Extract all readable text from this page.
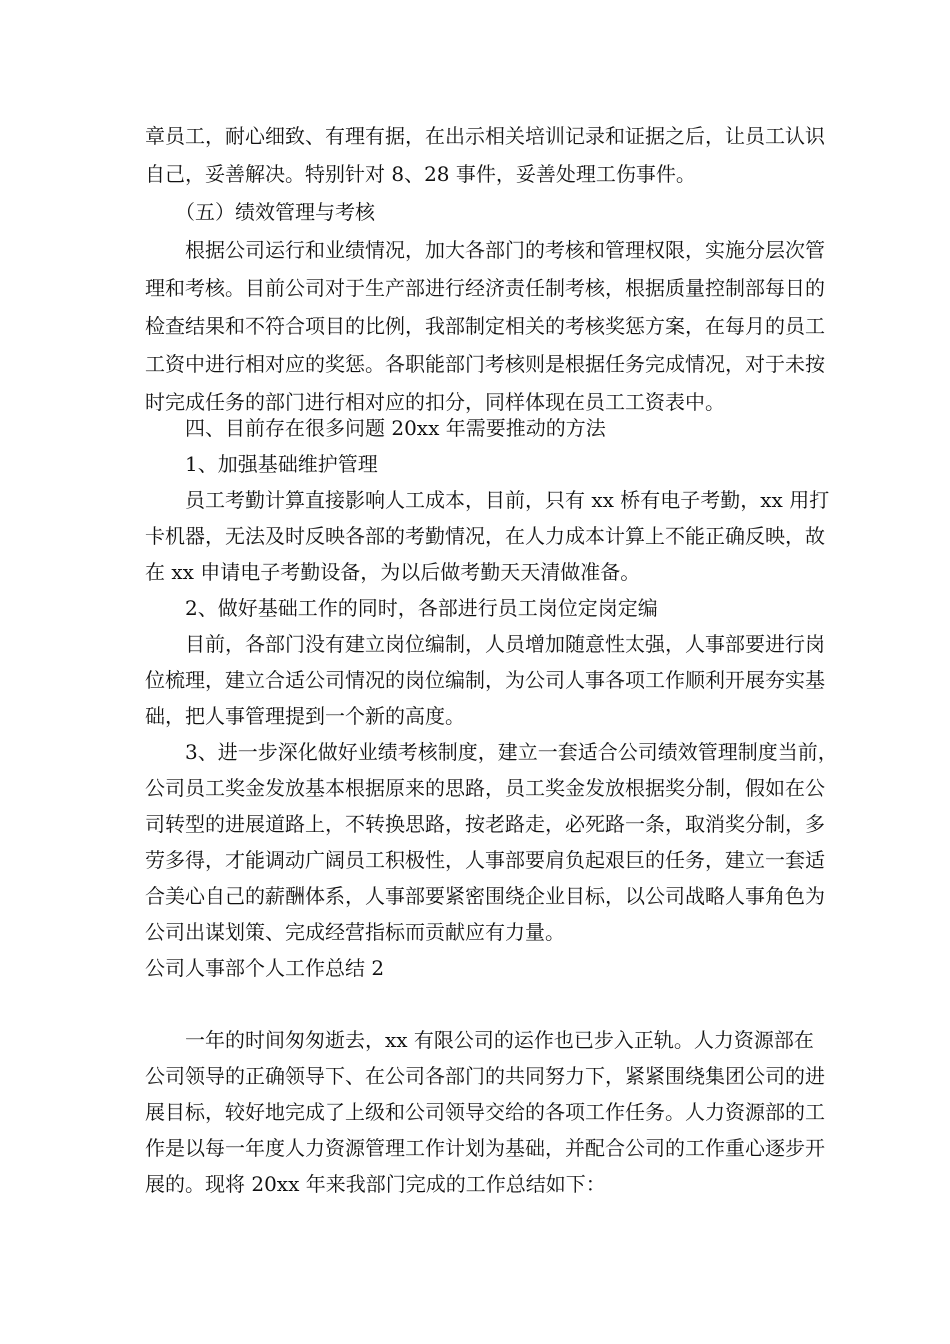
章员工，耐心细致、有理有据，在出示相关培训记录和证据之后，让员工认识

自己，妥善解决。特别针对 8、28 事件，妥善处理工伤事件。

（五）绩效管理与考核

根据公司运行和业绩情况，加大各部门的考核和管理权限，实施分层次管

理和考核。目前公司对于生产部进行经济责任制考核，根据质量控制部每日的

检查结果和不符合项目的比例，我部制定相关的考核奖惩方案，在每月的员工

工资中进行相对应的奖惩。各职能部门考核则是根据任务完成情况，对于未按

时完成任务的部门进行相对应的扣分，同样体现在员工工资表中。

四、目前存在很多问题 20xx 年需要推动的方法

1、加强基础维护管理

员工考勤计算直接影响人工成本，目前，只有 xx 桥有电子考勤，xx 用打

卡机器，无法及时反映各部的考勤情况，在人力成本计算上不能正确反映，故

在 xx 申请电子考勤设备，为以后做考勤天天清做准备。

2、做好基础工作的同时，各部进行员工岗位定岗定编

目前，各部门没有建立岗位编制，人员增加随意性太强，人事部要进行岗

位梳理，建立合适公司情况的岗位编制，为公司人事各项工作顺利开展夯实基

础，把人事管理提到一个新的高度。

3、进一步深化做好业绩考核制度，建立一套适合公司绩效管理制度当前，

公司员工奖金发放基本根据原来的思路，员工奖金发放根据奖分制，假如在公

司转型的进展道路上，不转换思路，按老路走，必死路一条，取消奖分制，多

劳多得，才能调动广阔员工积极性，人事部要肩负起艰巨的任务，建立一套适

合美心自己的薪酬体系，人事部要紧密围绕企业目标，以公司战略人事角色为

公司出谋划策、完成经营指标而贡献应有力量。

公司人事部个人工作总结 2

一年的时间匆匆逝去，xx 有限公司的运作也已步入正轨。人力资源部在

公司领导的正确领导下、在公司各部门的共同努力下，紧紧围绕集团公司的进

展目标，较好地完成了上级和公司领导交给的各项工作任务。人力资源部的工

作是以每一年度人力资源管理工作计划为基础，并配合公司的工作重心逐步开

展的。现将 20xx 年来我部门完成的工作总结如下：
